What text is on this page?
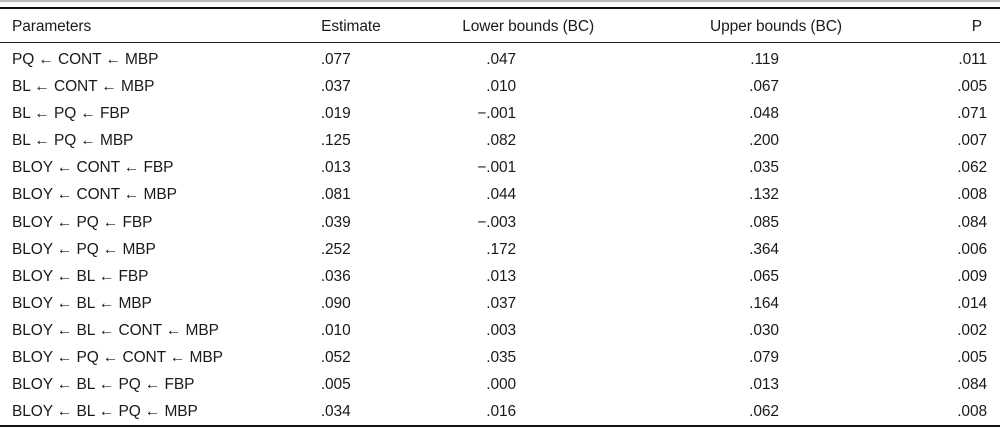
Parameters	Estimate	Lower bounds (BC)	Upper bounds (BC)	P
PQ ← CONT ← MBP	.077	.047	.119	.011
BL ← CONT ← MBP	.037	.010	.067	.005
BL ← PQ ← FBP	.019	−.001	.048	.071
BL ← PQ ← MBP	.125	.082	.200	.007
BLOY ← CONT ← FBP	.013	−.001	.035	.062
BLOY ← CONT ← MBP	.081	.044	.132	.008
BLOY ← PQ ← FBP	.039	−.003	.085	.084
BLOY ← PQ ← MBP	.252	.172	.364	.006
BLOY ← BL ← FBP	.036	.013	.065	.009
BLOY ← BL ← MBP	.090	.037	.164	.014
BLOY ← BL ← CONT ← MBP	.010	.003	.030	.002
BLOY ← PQ ← CONT ← MBP	.052	.035	.079	.005
BLOY ← BL ← PQ ← FBP	.005	.000	.013	.084
BLOY ← BL ← PQ ← MBP	.034	.016	.062	.008
